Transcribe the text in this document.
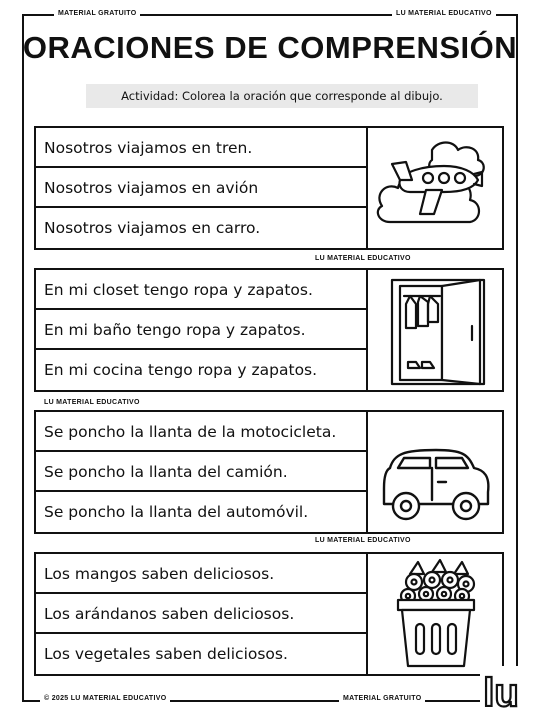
MATERIAL GRATUITO	LU MATERIAL EDUCATIVO
ORACIONES DE COMPRENSIÓN
Actividad: Colorea la oración que corresponde al dibujo.
Nosotros viajamos en tren.
Nosotros viajamos en avión
Nosotros viajamos en carro.
LU MATERIAL EDUCATIVO
En mi closet tengo ropa y zapatos.
En mi baño tengo ropa y zapatos.
En mi cocina tengo ropa y zapatos.
LU MATERIAL EDUCATIVO
Se poncho la llanta de la motocicleta.
Se poncho la llanta del camión.
Se poncho la llanta del automóvil.
LU MATERIAL EDUCATIVO
Los mangos saben deliciosos.
Los arándanos saben deliciosos.
Los vegetales saben deliciosos.
© 2025 LU MATERIAL EDUCATIVO	MATERIAL GRATUITO lu
